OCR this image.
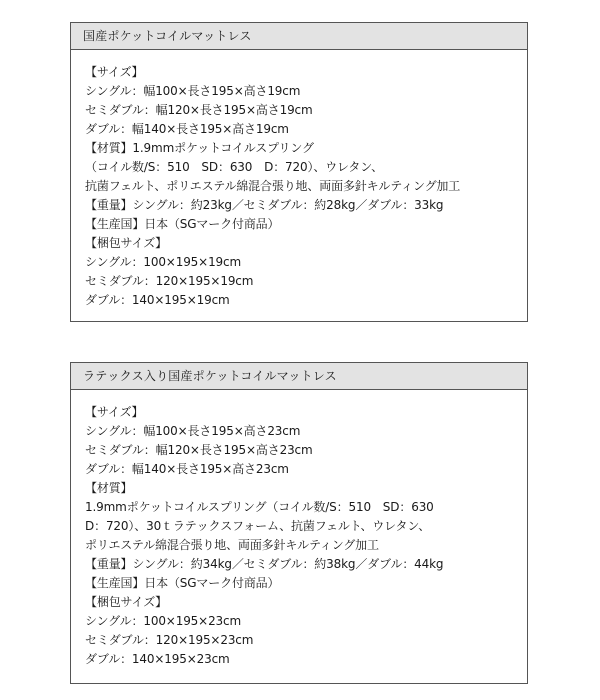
国産ポケットコイルマットレス
【サイズ】
シングル：幅100×長さ195×高さ19cm
セミダブル：幅120×長さ195×高さ19cm
ダブル：幅140×長さ195×高さ19cm
【材質】1.9mmポケットコイルスプリング
（コイル数/S：510　SD：630　D：720）、ウレタン、
抗菌フェルト、ポリエステル綿混合張り地、両面多針キルティング加工
【重量】シングル：約23kg／セミダブル：約28kg／ダブル：33kg
【生産国】日本（SGマーク付商品）
【梱包サイズ】
シングル：100×195×19cm
セミダブル：120×195×19cm
ダブル：140×195×19cm
ラテックス入り国産ポケットコイルマットレス
【サイズ】
シングル：幅100×長さ195×高さ23cm
セミダブル：幅120×長さ195×高さ23cm
ダブル：幅140×長さ195×高さ23cm
【材質】
1.9mmポケットコイルスプリング（コイル数/S：510　SD：630
D：720）、30ｔラテックスフォーム、抗菌フェルト、ウレタン、
ポリエステル綿混合張り地、両面多針キルティング加工
【重量】シングル：約34kg／セミダブル：約38kg／ダブル：44kg
【生産国】日本（SGマーク付商品）
【梱包サイズ】
シングル：100×195×23cm
セミダブル：120×195×23cm
ダブル：140×195×23cm
